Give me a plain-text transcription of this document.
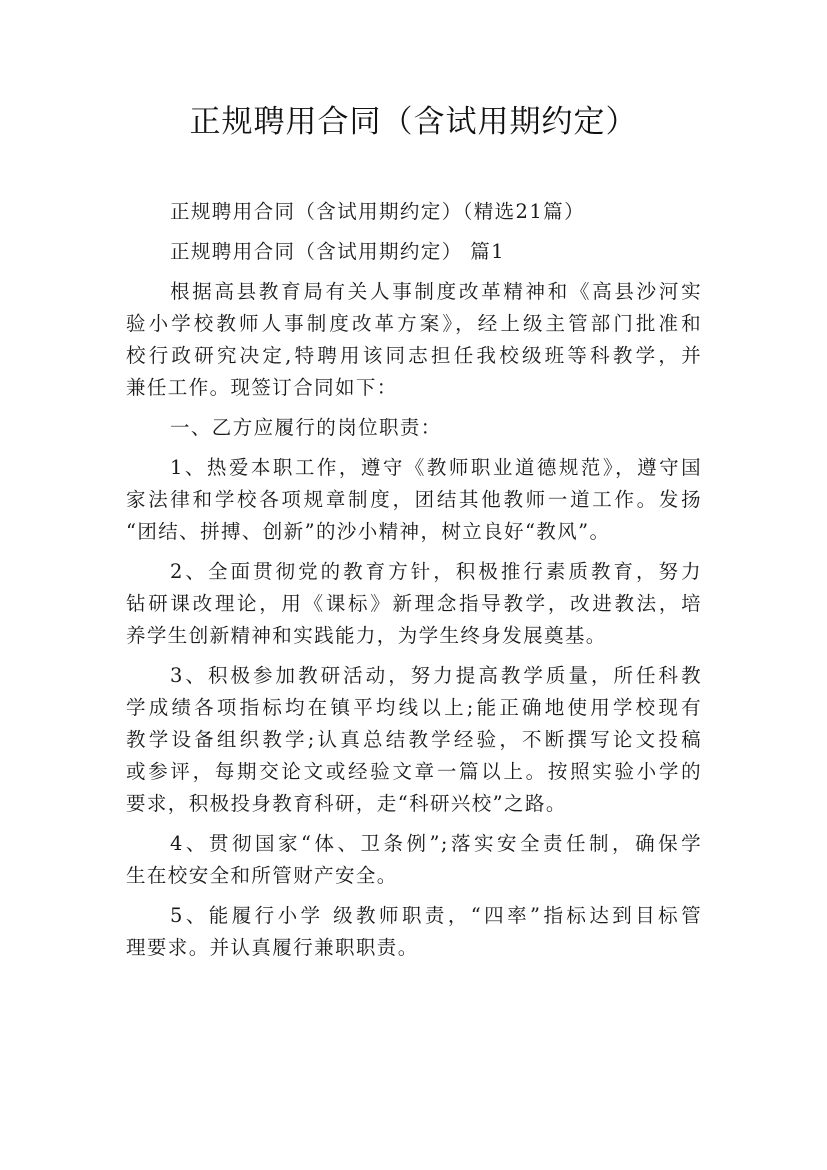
正规聘用合同（含试用期约定）
正规聘用合同（含试用期约定）（精选21篇）
正规聘用合同（含试用期约定） 篇1
根据高县教育局有关人事制度改革精神和《高县沙河实
验小学校教师人事制度改革方案》，经上级主管部门批准和
校行政研究决定,特聘用该同志担任我校级班等科教学，并
兼任工作。现签订合同如下：
一、乙方应履行的岗位职责：
1、热爱本职工作，遵守《教师职业道德规范》，遵守国
家法律和学校各项规章制度，团结其他教师一道工作。发扬
“团结、拼搏、创新”的沙小精神，树立良好“教风”。
2、全面贯彻党的教育方针，积极推行素质教育，努力
钻研课改理论，用《课标》新理念指导教学，改进教法，培
养学生创新精神和实践能力，为学生终身发展奠基。
3、积极参加教研活动，努力提高教学质量，所任科教
学成绩各项指标均在镇平均线以上;能正确地使用学校现有
教学设备组织教学;认真总结教学经验，不断撰写论文投稿
或参评，每期交论文或经验文章一篇以上。按照实验小学的
要求，积极投身教育科研，走“科研兴校”之路。
4、贯彻国家“体、卫条例”;落实安全责任制，确保学
生在校安全和所管财产安全。
5、能履行小学 级教师职责，“四率”指标达到目标管
理要求。并认真履行兼职职责。
